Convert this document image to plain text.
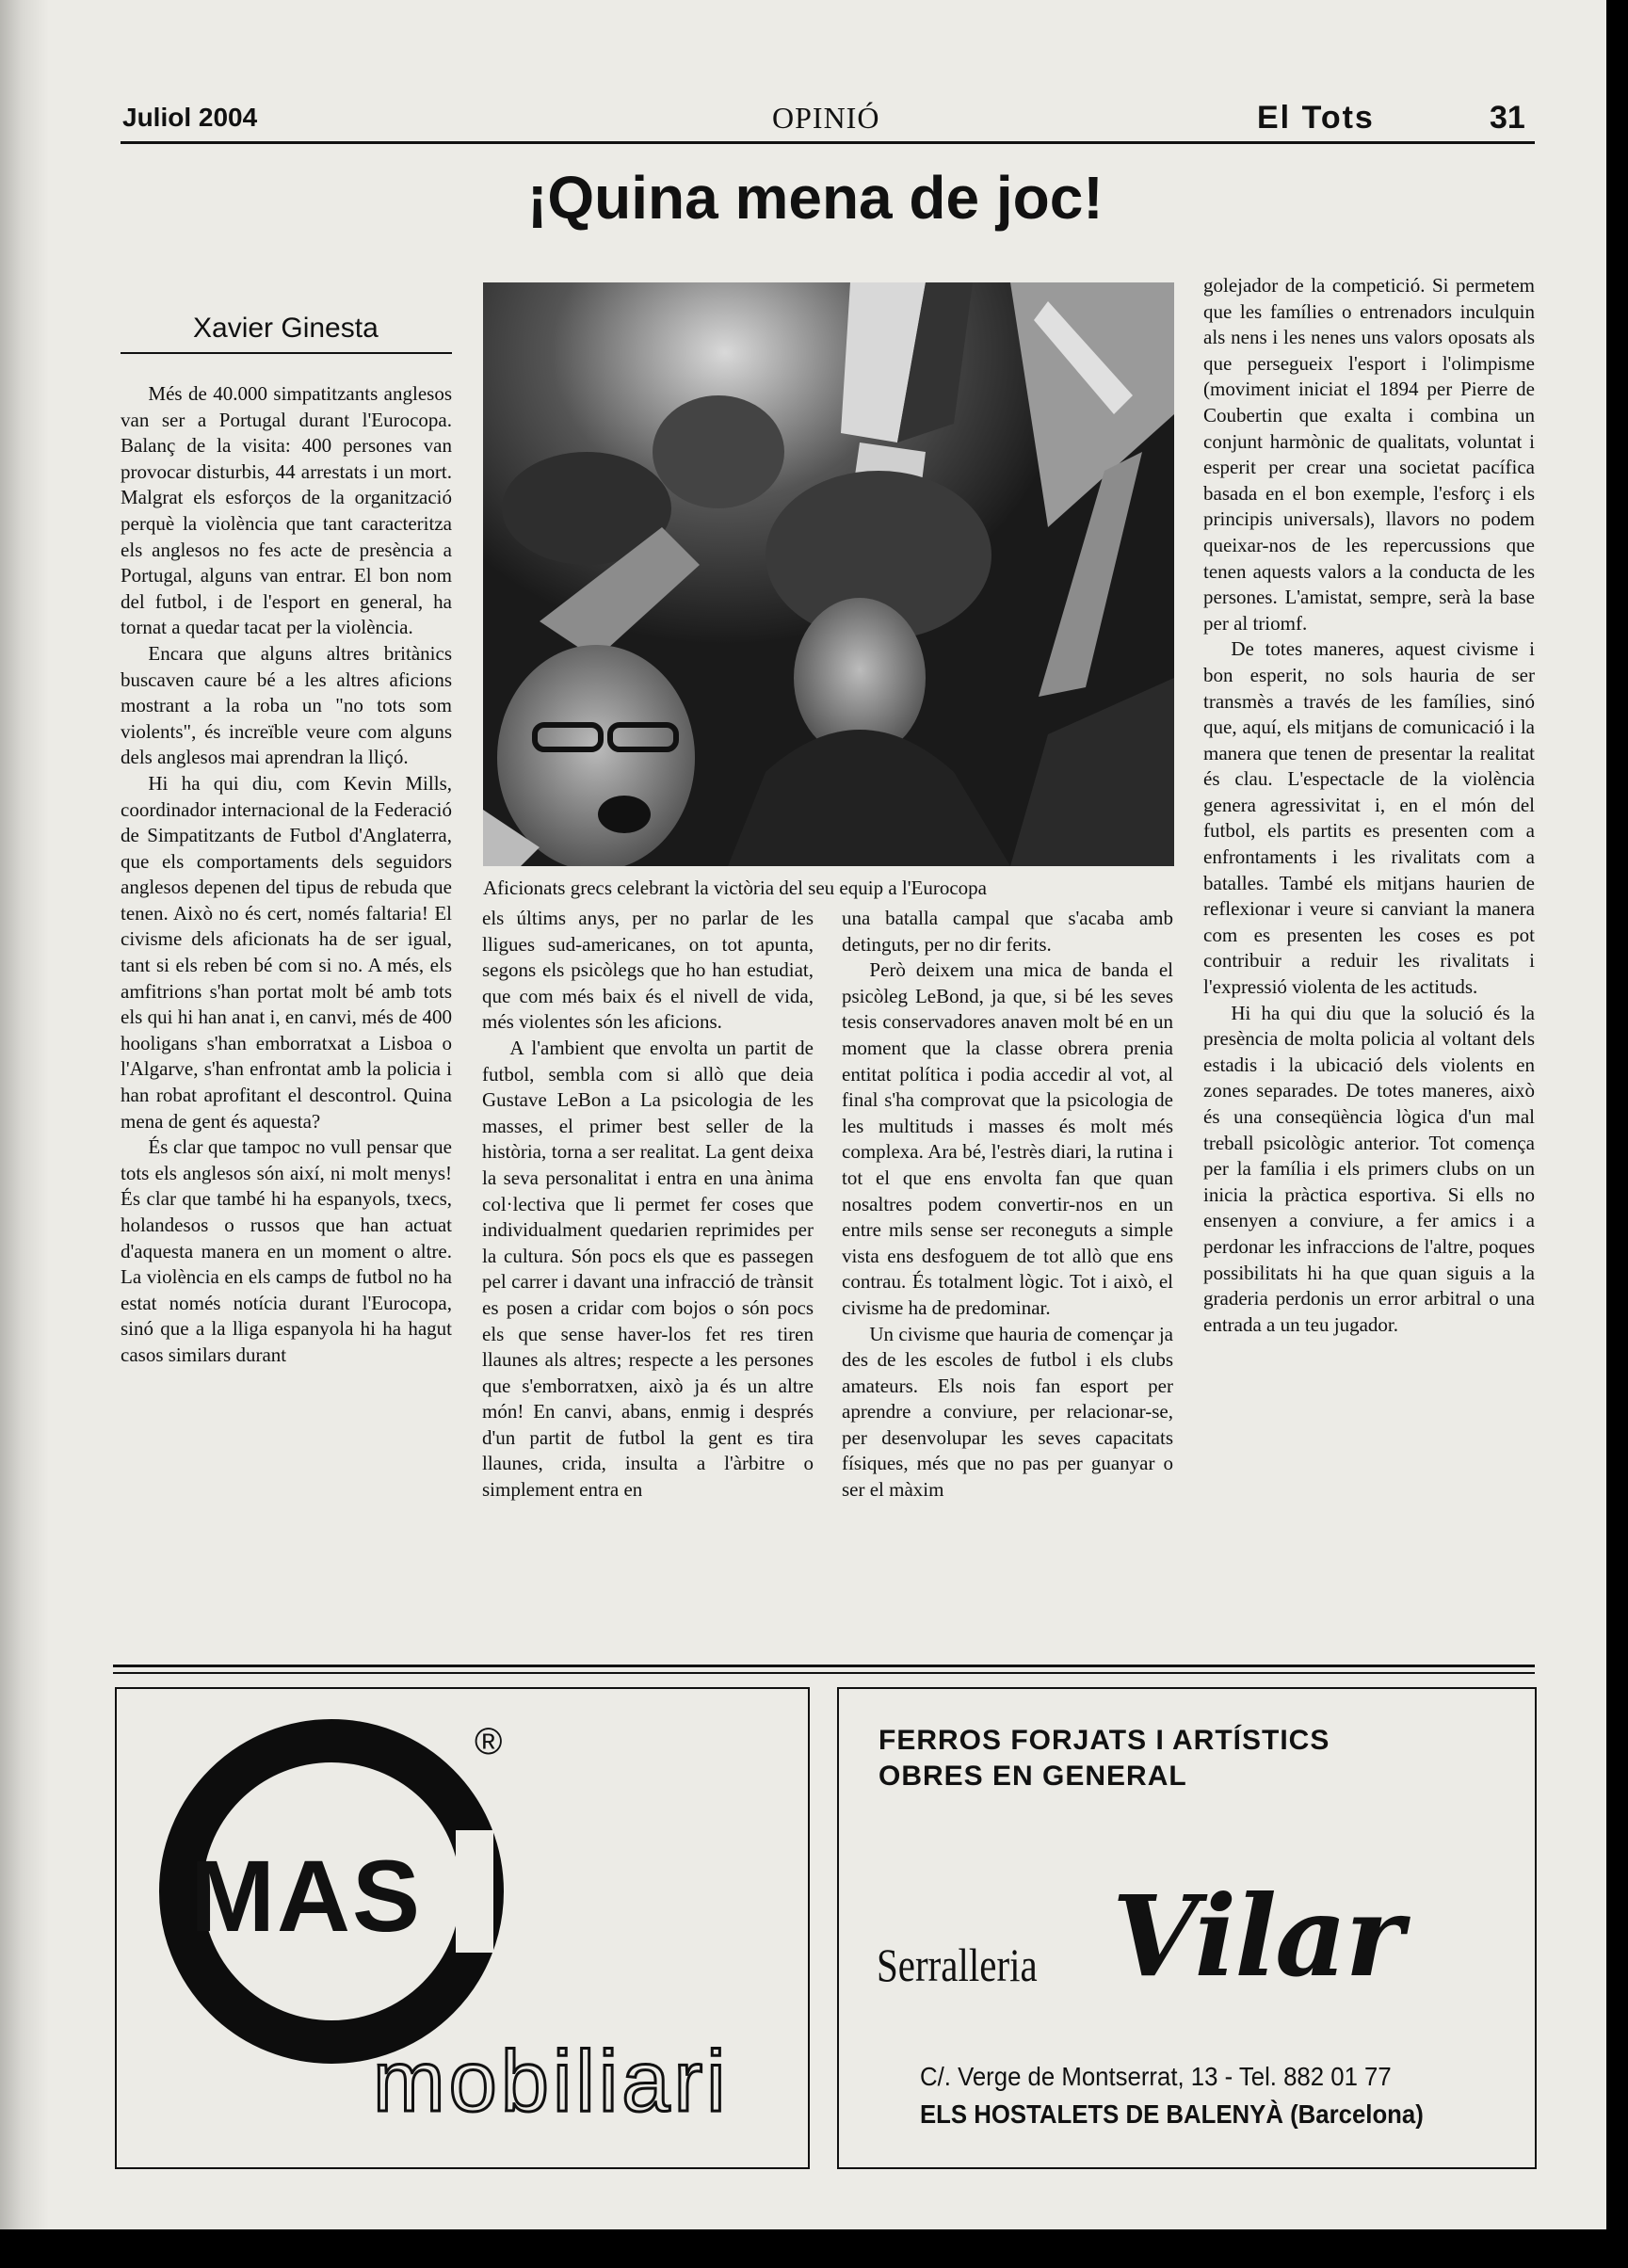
Juliol 2004	OPINIÓ	El Tots	31
¡Quina mena de joc!
Xavier Ginesta

Més de 40.000 simpatitzants anglesos van ser a Portugal durant l'Eurocopa. Balanç de la visita: 400 persones van provocar disturbis, 44 arrestats i un mort. Malgrat els esforços de la organització perquè la violència que tant caracteritza els anglesos no fes acte de presència a Portugal, alguns van entrar. El bon nom del futbol, i de l'esport en general, ha tornat a quedar tacat per la violència.

Encara que alguns altres britànics buscaven caure bé a les altres aficions mostrant a la roba un "no tots som violents", és increïble veure com alguns dels anglesos mai aprendran la lliçó.

Hi ha qui diu, com Kevin Mills, coordinador internacional de la Federació de Simpatitzants de Futbol d'Anglaterra, que els comportaments dels seguidors anglesos depenen del tipus de rebuda que tenen. Això no és cert, només faltaria! El civisme dels aficionats ha de ser igual, tant si els reben bé com si no. A més, els amfitrions s'han portat molt bé amb tots els qui hi han anat i, en canvi, més de 400 hooligans s'han emborratxat a Lisboa o l'Algarve, s'han enfrontat amb la policia i han robat aprofitant el descontrol. Quina mena de gent és aquesta?

És clar que tampoc no vull pensar que tots els anglesos són així, ni molt menys! És clar que també hi ha espanyols, txecs, holandesos o russos que han actuat d'aquesta manera en un moment o altre. La violència en els camps de futbol no ha estat només notícia durant l'Eurocopa, sinó que a la lliga espanyola hi ha hagut casos similars durant

Aficionats grecs celebrant la victòria del seu equip a l'Eurocopa

els últims anys, per no parlar de les lligues sud-americanes, on tot apunta, segons els psicòlegs que ho han estudiat, que com més baix és el nivell de vida, més violentes són les aficions.

A l'ambient que envolta un partit de futbol, sembla com si allò que deia Gustave LeBon a La psicologia de les masses, el primer best seller de la història, torna a ser realitat. La gent deixa la seva personalitat i entra en una ànima col·lectiva que li permet fer coses que individualment quedarien reprimides per la cultura. Són pocs els que es passegen pel carrer i davant una infracció de trànsit es posen a cridar com bojos o són pocs els que sense haver-los fet res tiren llaunes als altres; respecte a les persones que s'emborratxen, això ja és un altre món! En canvi, abans, enmig i després d'un partit de futbol la gent es tira llaunes, crida, insulta a l'àrbitre o simplement entra en

una batalla campal que s'acaba amb detinguts, per no dir ferits.

Però deixem una mica de banda el psicòleg LeBond, ja que, si bé les seves tesis conservadores anaven molt bé en un moment que la classe obrera prenia entitat política i podia accedir al vot, al final s'ha comprovat que la psicologia de les multituds i masses és molt més complexa. Ara bé, l'estrès diari, la rutina i tot el que ens envolta fan que quan nosaltres podem convertir-nos en un entre mils sense ser reconeguts a simple vista ens desfoguem de tot allò que ens contrau. És totalment lògic. Tot i això, el civisme ha de predominar.

Un civisme que hauria de començar ja des de les escoles de futbol i els clubs amateurs. Els nois fan esport per aprendre a conviure, per relacionar-se, per desenvolupar les seves capacitats físiques, més que no pas per guanyar o ser el màxim

golejador de la competició. Si permetem que les famílies o entrenadors inculquin als nens i les nenes uns valors oposats als que persegueix l'esport i l'olimpisme (moviment iniciat el 1894 per Pierre de Coubertin que exalta i combina un conjunt harmònic de qualitats, voluntat i esperit per crear una societat pacífica basada en el bon exemple, l'esforç i els principis universals), llavors no podem queixar-nos de les repercussions que tenen aquests valors a la conducta de les persones. L'amistat, sempre, serà la base per al triomf.

De totes maneres, aquest civisme i bon esperit, no sols hauria de ser transmès a través de les famílies, sinó que, aquí, els mitjans de comunicació i la manera que tenen de presentar la realitat és clau. L'espectacle de la violència genera agressivitat i, en el món del futbol, els partits es presenten com a enfrontaments i les rivalitats com a batalles. També els mitjans haurien de reflexionar i veure si canviant la manera com es presenten les coses es pot contribuir a reduir les rivalitats i l'expressió violenta de les actituds.

Hi ha qui diu que la solució és la presència de molta policia al voltant dels estadis i la ubicació dels violents en zones separades. De totes maneres, això és una conseqüència lògica d'un mal treball psicològic anterior. Tot comença per la família i els primers clubs on un inicia la pràctica esportiva. Si ells no ensenyen a conviure, a fer amics i a perdonar les infraccions de l'altre, poques possibilitats hi ha que quan siguis a la graderia perdonis un error arbitral o una entrada a un teu jugador.

MAS
®
mobiliari
FERROS FORJATS I ARTÍSTICS
OBRES EN GENERAL
Serralleria Vilar
C/. Verge de Montserrat, 13 - Tel. 882 01 77
ELS HOSTALETS DE BALENYÀ (Barcelona)
